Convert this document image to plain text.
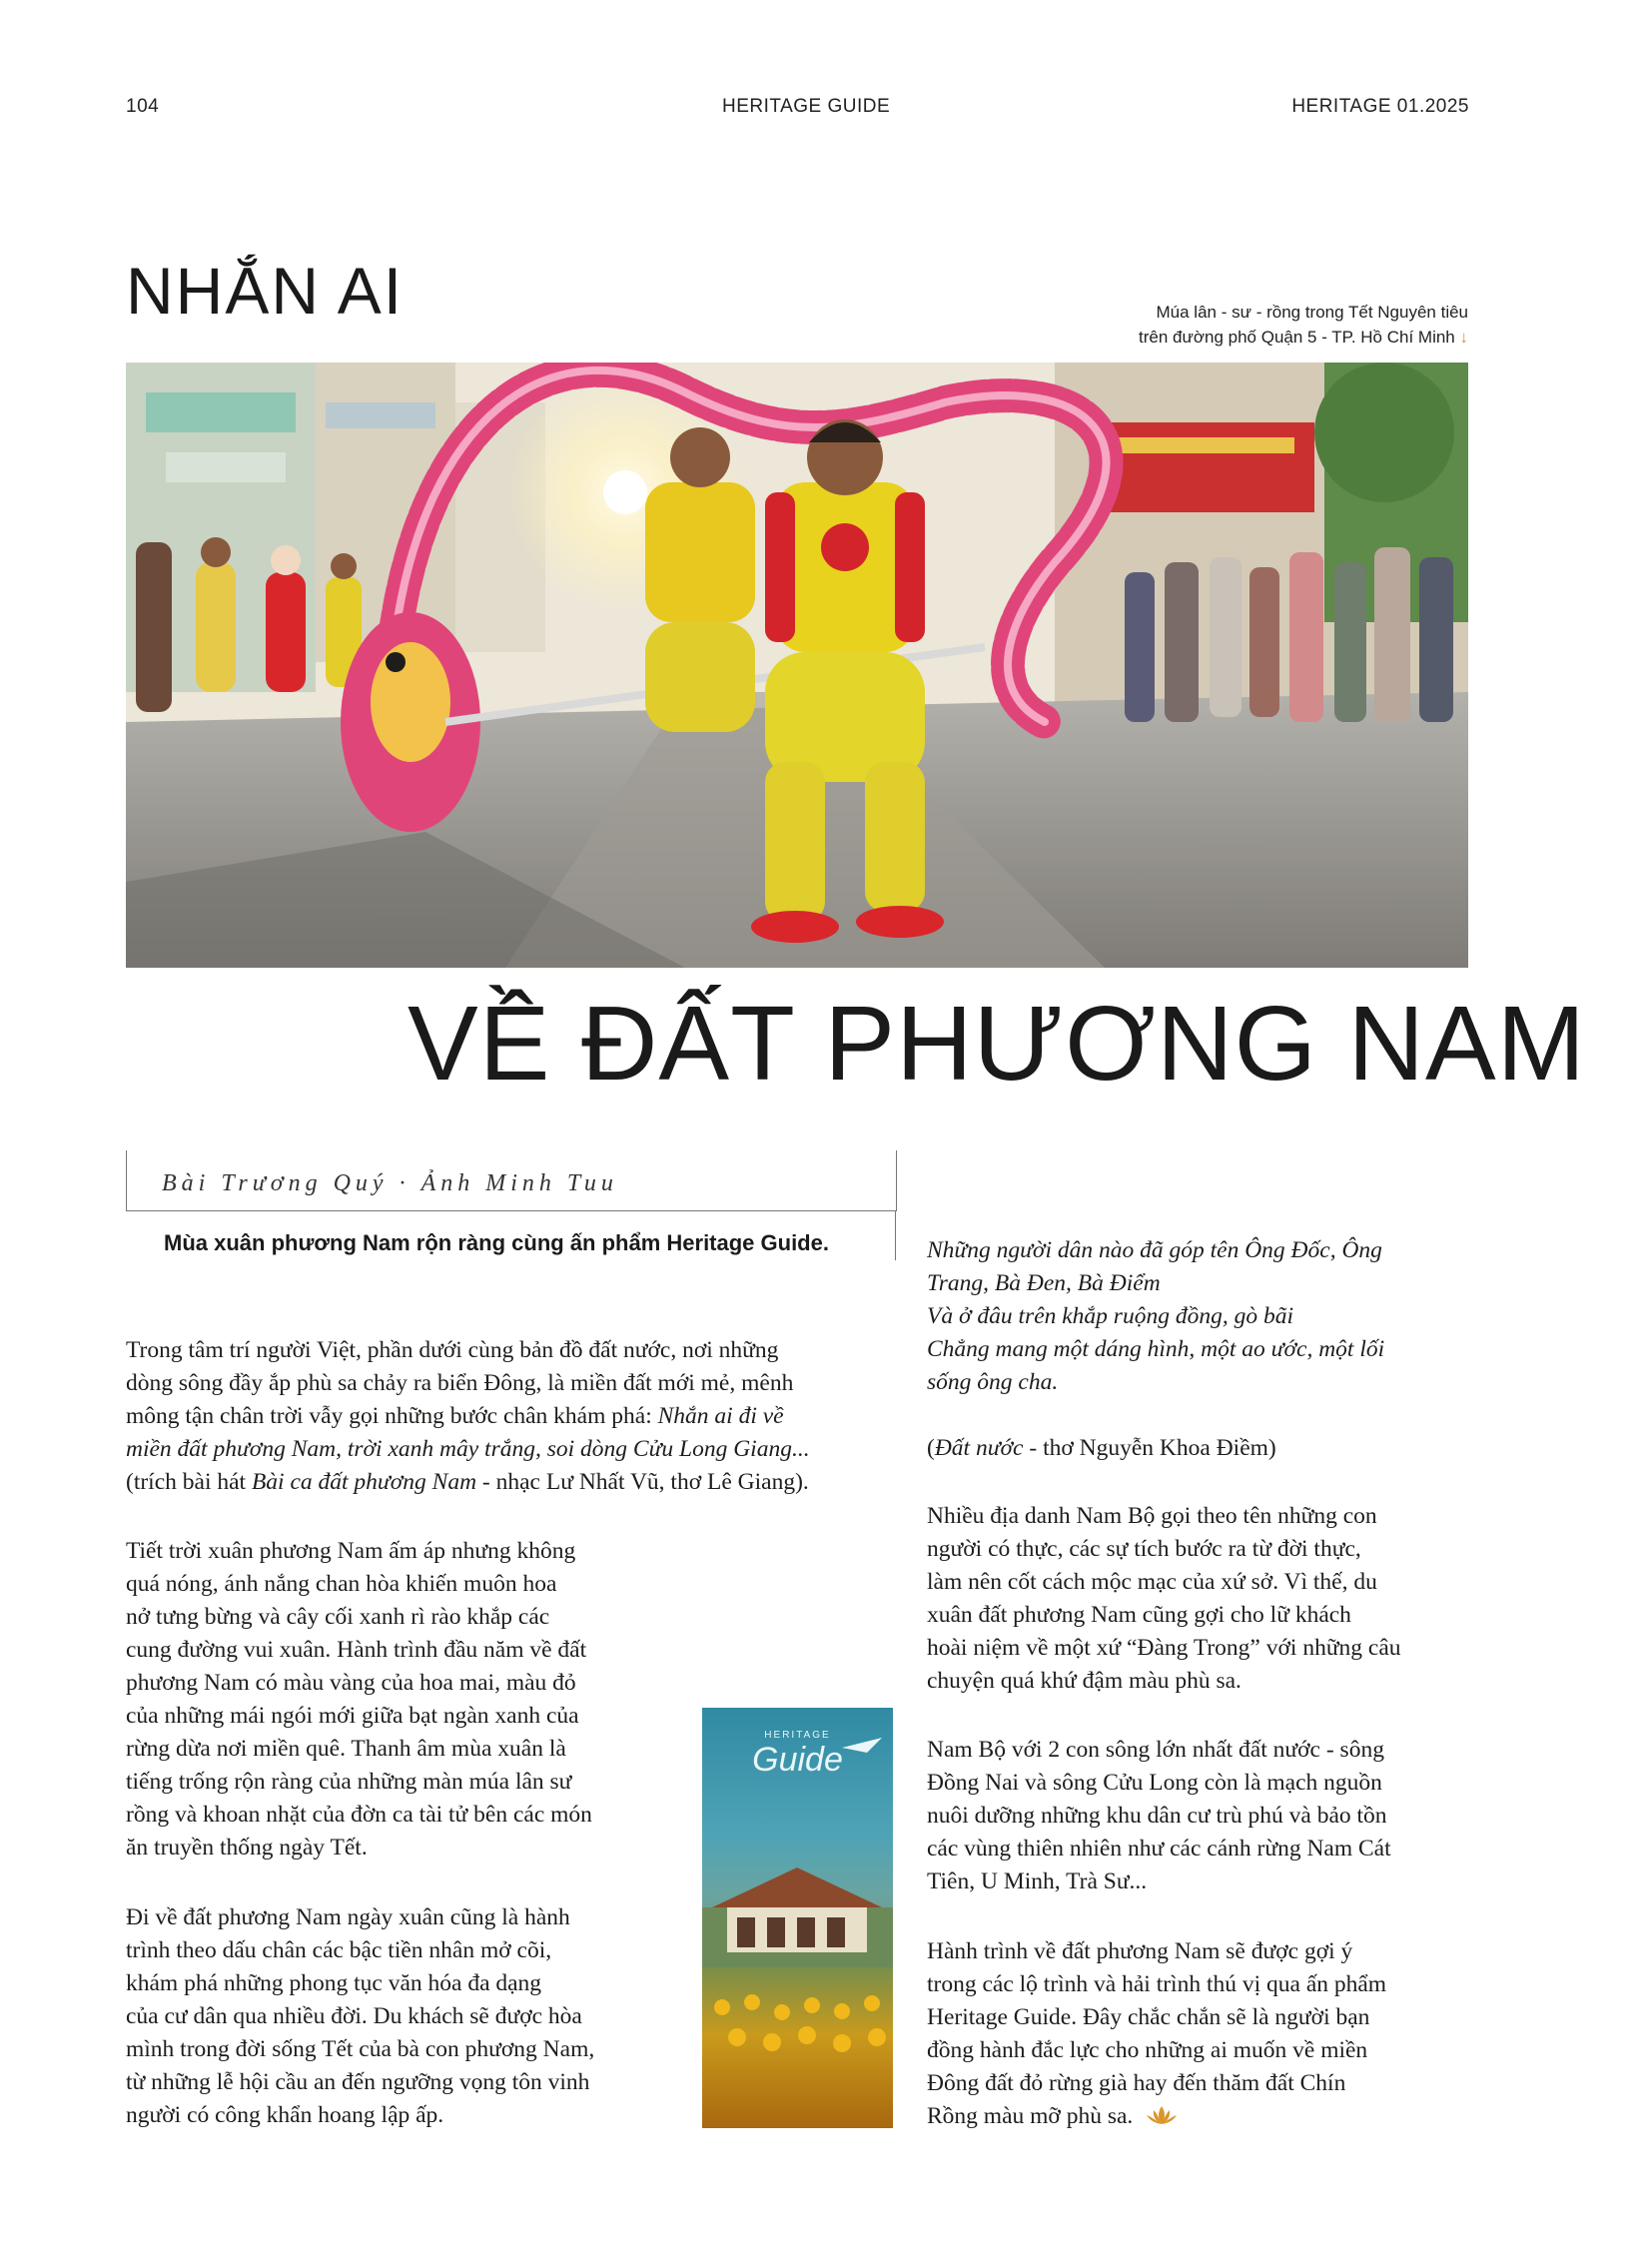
104	HERITAGE GUIDE	HERITAGE 01.2025
NHẮN AI	Múa lân - sư - rồng trong Tết Nguyên tiêu
trên đường phố Quận 5 - TP. Hồ Chí Minh ↓
VỀ ĐẤT PHƯƠNG NAM
Bài Trương Quý · Ảnh Minh Tuu
Mùa xuân phương Nam rộn ràng cùng ấn phẩm Heritage Guide.
Trong tâm trí người Việt, phần dưới cùng bản đồ đất nước, nơi những
dòng sông đầy ắp phù sa chảy ra biển Đông, là miền đất mới mẻ, mênh
mông tận chân trời vẫy gọi những bước chân khám phá: Nhắn ai đi về
miền đất phương Nam, trời xanh mây trắng, soi dòng Cửu Long Giang...
(trích bài hát Bài ca đất phương Nam - nhạc Lư Nhất Vũ, thơ Lê Giang).
Tiết trời xuân phương Nam ấm áp nhưng không
quá nóng, ánh nắng chan hòa khiến muôn hoa
nở tưng bừng và cây cối xanh rì rào khắp các
cung đường vui xuân. Hành trình đầu năm về đất
phương Nam có màu vàng của hoa mai, màu đỏ
của những mái ngói mới giữa bạt ngàn xanh của
rừng dừa nơi miền quê. Thanh âm mùa xuân là
tiếng trống rộn ràng của những màn múa lân sư
rồng và khoan nhặt của đờn ca tài tử bên các món
ăn truyền thống ngày Tết.
Đi về đất phương Nam ngày xuân cũng là hành
trình theo dấu chân các bậc tiền nhân mở cõi,
khám phá những phong tục văn hóa đa dạng
của cư dân qua nhiều đời. Du khách sẽ được hòa
mình trong đời sống Tết của bà con phương Nam,
từ những lễ hội cầu an đến ngưỡng vọng tôn vinh
người có công khẩn hoang lập ấp.
HERITAGE
Guide
Những người dân nào đã góp tên Ông Đốc, Ông
Trang, Bà Đen, Bà Điểm
Và ở đâu trên khắp ruộng đồng, gò bãi
Chẳng mang một dáng hình, một ao ước, một lối
sống ông cha.
(Đất nước - thơ Nguyễn Khoa Điềm)
Nhiều địa danh Nam Bộ gọi theo tên những con
người có thực, các sự tích bước ra từ đời thực,
làm nên cốt cách mộc mạc của xứ sở. Vì thế, du
xuân đất phương Nam cũng gợi cho lữ khách
hoài niệm về một xứ “Đàng Trong” với những câu
chuyện quá khứ đậm màu phù sa.
Nam Bộ với 2 con sông lớn nhất đất nước - sông
Đồng Nai và sông Cửu Long còn là mạch nguồn
nuôi dưỡng những khu dân cư trù phú và bảo tồn
các vùng thiên nhiên như các cánh rừng Nam Cát
Tiên, U Minh, Trà Sư...
Hành trình về đất phương Nam sẽ được gợi ý
trong các lộ trình và hải trình thú vị qua ấn phẩm
Heritage Guide. Đây chắc chắn sẽ là người bạn
đồng hành đắc lực cho những ai muốn về miền
Đông đất đỏ rừng già hay đến thăm đất Chín
Rồng màu mỡ phù sa.
